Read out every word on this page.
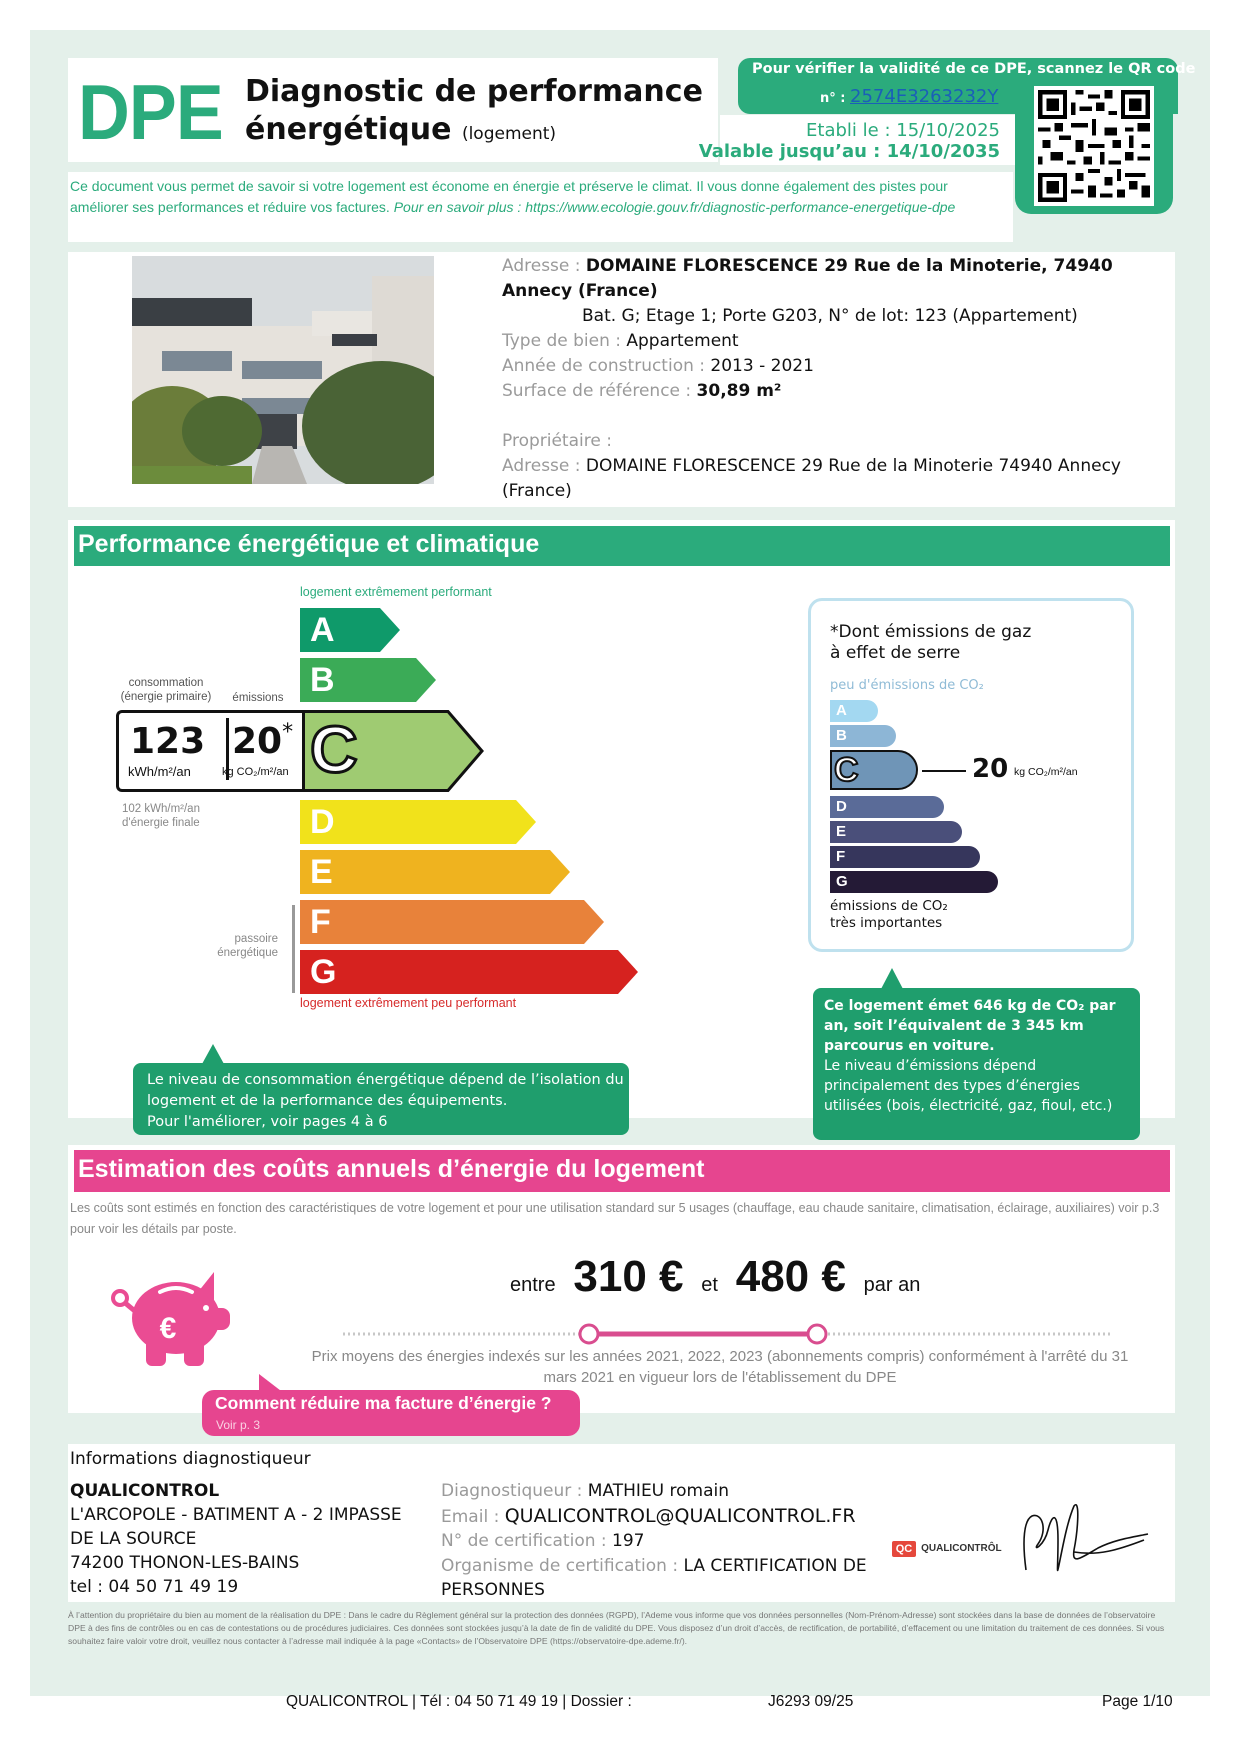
DPE Diagnostic de performance
énergétique (logement)
Pour vérifier la validité de ce DPE, scannez le QR code
n° : 2574E3263232Y
Etabli le : 15/10/2025
Valable jusqu’au : 14/10/2035
Ce document vous permet de savoir si votre logement est économe en énergie et préserve le climat. Il vous donne également des pistes pour améliorer ses performances et réduire vos factures. Pour en savoir plus : https://www.ecologie.gouv.fr/diagnostic-performance-energetique-dpe
Adresse : DOMAINE FLORESCENCE 29 Rue de la Minoterie, 74940 Annecy (France)
Bat. G; Etage 1; Porte G203, N° de lot: 123 (Appartement)
Type de bien : Appartement
Année de construction : 2013 - 2021
Surface de référence : 30,89 m²
Propriétaire :
Adresse : DOMAINE FLORESCENCE 29 Rue de la Minoterie 74940 Annecy (France)
Performance énergétique et climatique
logement extrêmement performant
A
B
C
123
kWh/m²/an
20*
kg CO₂/m²/an
consommation (énergie primaire)	émissions
102 kWh/m²/an d'énergie finale	D
E
passoire énergétique
F
G
logement extrêmement peu performant
*Dont émissions de gaz
à effet de serre
peu d'émissions de CO₂
A
B
C	20 kg CO₂/m²/an
D
E
F
G
émissions de CO₂
très importantes
Le niveau de consommation énergétique dépend de l’isolation du logement et de la performance des équipements.
Pour l'améliorer, voir pages 4 à 6
Ce logement émet 646 kg de CO₂ par an, soit l’équivalent de 3 345 km parcourus en voiture.
Le niveau d’émissions dépend principalement des types d’énergies utilisées (bois, électricité, gaz, fioul, etc.)
Estimation des coûts annuels d’énergie du logement
Les coûts sont estimés en fonction des caractéristiques de votre logement et pour une utilisation standard sur 5 usages (chauffage, eau chaude sanitaire, climatisation, éclairage, auxiliaires) voir p.3 pour voir les détails par poste.
€
entre 310 € et 480 € par an
Prix moyens des énergies indexés sur les années 2021, 2022, 2023 (abonnements compris) conformément à l'arrêté du 31 mars 2021 en vigueur lors de l'établissement du DPE
Comment réduire ma facture d’énergie ?
Voir p. 3
Informations diagnostiqueur
QUALICONTROL
L'ARCOPOLE - BATIMENT A - 2 IMPASSE DE LA SOURCE
74200 THONON-LES-BAINS
tel : 04 50 71 49 19
Diagnostiqueur : MATHIEU romain
Email : QUALICONTROL@QUALICONTROL.FR
N° de certification : 197
Organisme de certification : LA CERTIFICATION DE PERSONNES
QC QUALICONTRÔL
À l’attention du propriétaire du bien au moment de la réalisation du DPE : Dans le cadre du Règlement général sur la protection des données (RGPD), l’Ademe vous informe que vos données personnelles (Nom-Prénom-Adresse) sont stockées dans la base de données de l’observatoire DPE à des fins de contrôles ou en cas de contestations ou de procédures judiciaires. Ces données sont stockées jusqu’à la date de fin de validité du DPE. Vous disposez d’un droit d’accès, de rectification, de portabilité, d’effacement ou une limitation du traitement de ces données. Si vous souhaitez faire valoir votre droit, veuillez nous contacter à l’adresse mail indiquée à la page «Contacts» de l’Observatoire DPE (https://observatoire-dpe.ademe.fr/).
QUALICONTROL | Tél : 04 50 71 49 19 | Dossier :	J6293 09/25	Page 1/10
